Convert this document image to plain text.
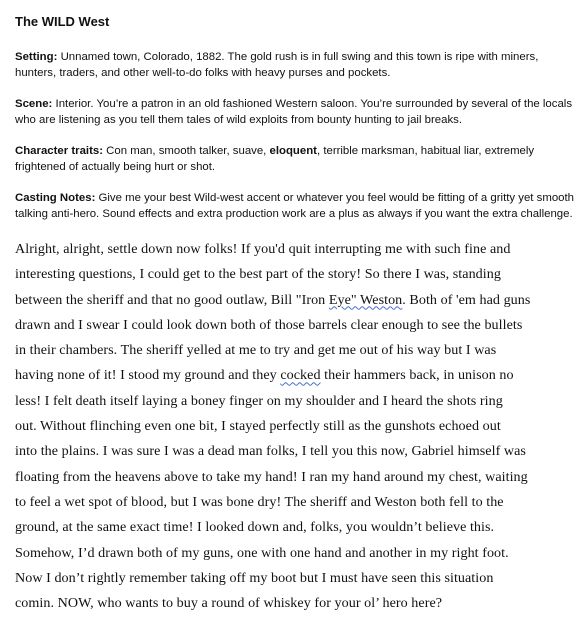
The WILD West

Setting: Unnamed town, Colorado, 1882. The gold rush is in full swing and this town is ripe with miners, hunters, traders, and other well-to-do folks with heavy purses and pockets.

Scene: Interior. You’re a patron in an old fashioned Western saloon. You’re surrounded by several of the locals who are listening as you tell them tales of wild exploits from bounty hunting to jail breaks.

Character traits: Con man, smooth talker, suave, eloquent, terrible marksman, habitual liar, extremely frightened of actually being hurt or shot.

Casting Notes: Give me your best Wild-west accent or whatever you feel would be fitting of a gritty yet smooth talking anti-hero. Sound effects and extra production work are a plus as always if you want the extra challenge.

Alright, alright, settle down now folks! If you'd quit interrupting me with such fine and
interesting questions, I could get to the best part of the story! So there I was, standing
between the sheriff and that no good outlaw, Bill "Iron Eye" Weston. Both of 'em had guns
drawn and I swear I could look down both of those barrels clear enough to see the bullets
in their chambers. The sheriff yelled at me to try and get me out of his way but I was
having none of it! I stood my ground and they cocked their hammers back, in unison no
less! I felt death itself laying a boney finger on my shoulder and I heard the shots ring
out. Without flinching even one bit, I stayed perfectly still as the gunshots echoed out
into the plains. I was sure I was a dead man folks, I tell you this now, Gabriel himself was
floating from the heavens above to take my hand! I ran my hand around my chest, waiting
to feel a wet spot of blood, but I was bone dry! The sheriff and Weston both fell to the
ground, at the same exact time! I looked down and, folks, you wouldn’t believe this.
Somehow, I’d drawn both of my guns, one with one hand and another in my right foot.
Now I don’t rightly remember taking off my boot but I must have seen this situation
comin. NOW, who wants to buy a round of whiskey for your ol’ hero here?
